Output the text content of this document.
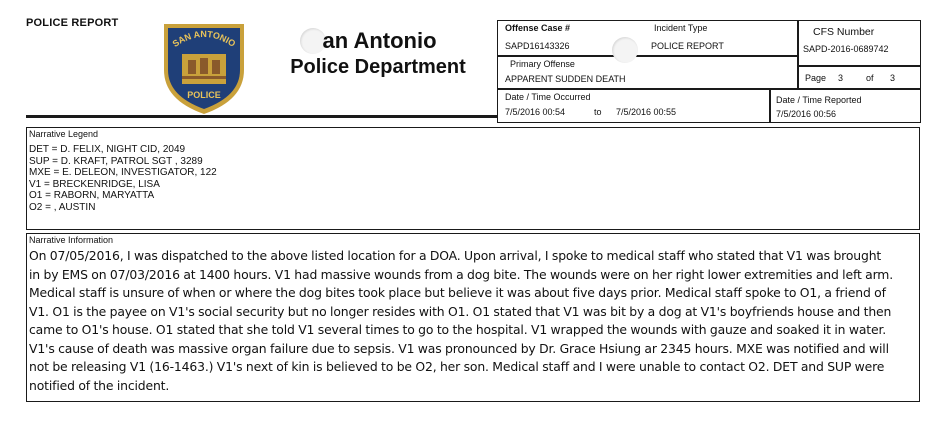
POLICE REPORT
SAN ANTONIO
POLICE
an Antonio
Police Department
Offense Case #
SAPD16143326
Incident Type
POLICE REPORT
CFS Number
SAPD-2016-0689742
Primary Offense
APPARENT SUDDEN DEATH	Page 3	of 3
Date / Time Occurred
7/5/2016 00:54	to 7/5/2016 00:55
Date / Time Reported
7/5/2016 00:56
Narrative Legend
DET = D. FELIX, NIGHT CID, 2049
SUP = D. KRAFT, PATROL SGT , 3289
MXE = E. DELEON, INVESTIGATOR, 122
V1 = BRECKENRIDGE, LISA
O1 = RABORN, MARYATTA
O2 = , AUSTIN
Narrative Information
On 07/05/2016, I was dispatched to the above listed location for a DOA. Upon arrival, I spoke to medical staff who stated that V1 was brought
in by EMS on 07/03/2016 at 1400 hours. V1 had massive wounds from a dog bite. The wounds were on her right lower extremities and left arm.
Medical staff is unsure of when or where the dog bites took place but believe it was about five days prior. Medical staff spoke to O1, a friend of
V1. O1 is the payee on V1's social security but no longer resides with O1. O1 stated that V1 was bit by a dog at V1's boyfriends house and then
came to O1's house. O1 stated that she told V1 several times to go to the hospital. V1 wrapped the wounds with gauze and soaked it in water.
V1's cause of death was massive organ failure due to sepsis. V1 was pronounced by Dr. Grace Hsiung ar 2345 hours. MXE was notified and will
not be releasing V1 (16-1463.) V1's next of kin is believed to be O2, her son. Medical staff and I were unable to contact O2. DET and SUP were
notified of the incident.
